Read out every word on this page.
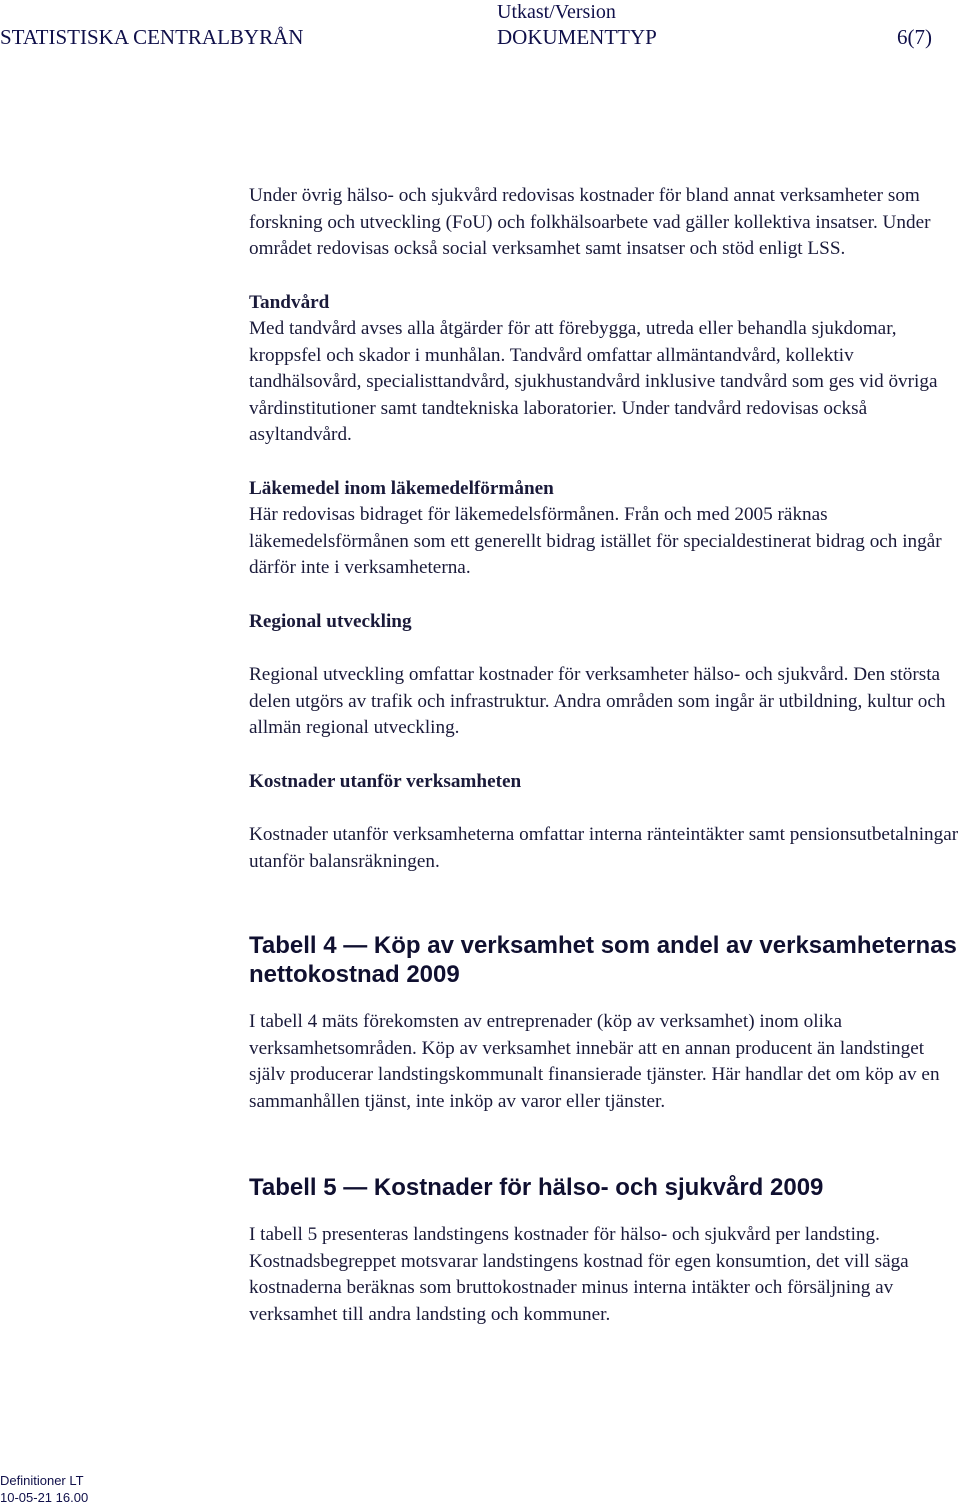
Utkast/Version
STATISTISKA CENTRALBYRÅN	DOKUMENTTYP	6(7)

Under övrig hälso- och sjukvård redovisas kostnader för bland annat verksamheter som forskning och utveckling (FoU) och folkhälsoarbete vad gäller kollektiva insatser. Under området redovisas också social verksamhet samt insatser och stöd enligt LSS.

Tandvård

Med tandvård avses alla åtgärder för att förebygga, utreda eller behandla sjukdomar, kroppsfel och skador i munhålan. Tandvård omfattar allmäntandvård, kollektiv tandhälsovård, specialisttandvård, sjukhustandvård inklusive tandvård som ges vid övriga vårdinstitutioner samt tandtekniska laboratorier. Under tandvård redovisas också asyltandvård.

Läkemedel inom läkemedelförmånen

Här redovisas bidraget för läkemedelsförmånen. Från och med 2005 räknas läkemedelsförmånen som ett generellt bidrag istället för specialdestinerat bidrag och ingår därför inte i verksamheterna.

Regional utveckling

Regional utveckling omfattar kostnader för verksamheter hälso- och sjukvård. Den största delen utgörs av trafik och infrastruktur. Andra områden som ingår är utbildning, kultur och allmän regional utveckling.

Kostnader utanför verksamheten

Kostnader utanför verksamheterna omfattar interna ränteintäkter samt pensionsutbetalningar utanför balansräkningen.

Tabell 4 — Köp av verksamhet som andel av verksamheternas nettokostnad 2009

I tabell 4 mäts förekomsten av entreprenader (köp av verksamhet) inom olika verksamhetsområden. Köp av verksamhet innebär att en annan producent än landstinget själv producerar landstingskommunalt finansierade tjänster. Här handlar det om köp av en sammanhållen tjänst, inte inköp av varor eller tjänster.

Tabell 5 — Kostnader för hälso- och sjukvård 2009

I tabell 5 presenteras landstingens kostnader för hälso- och sjukvård per landsting. Kostnadsbegreppet motsvarar landstingens kostnad för egen konsumtion, det vill säga kostnaderna beräknas som bruttokostnader minus interna intäkter och försäljning av verksamhet till andra landsting och kommuner.

Definitioner LT
10-05-21 16.00
